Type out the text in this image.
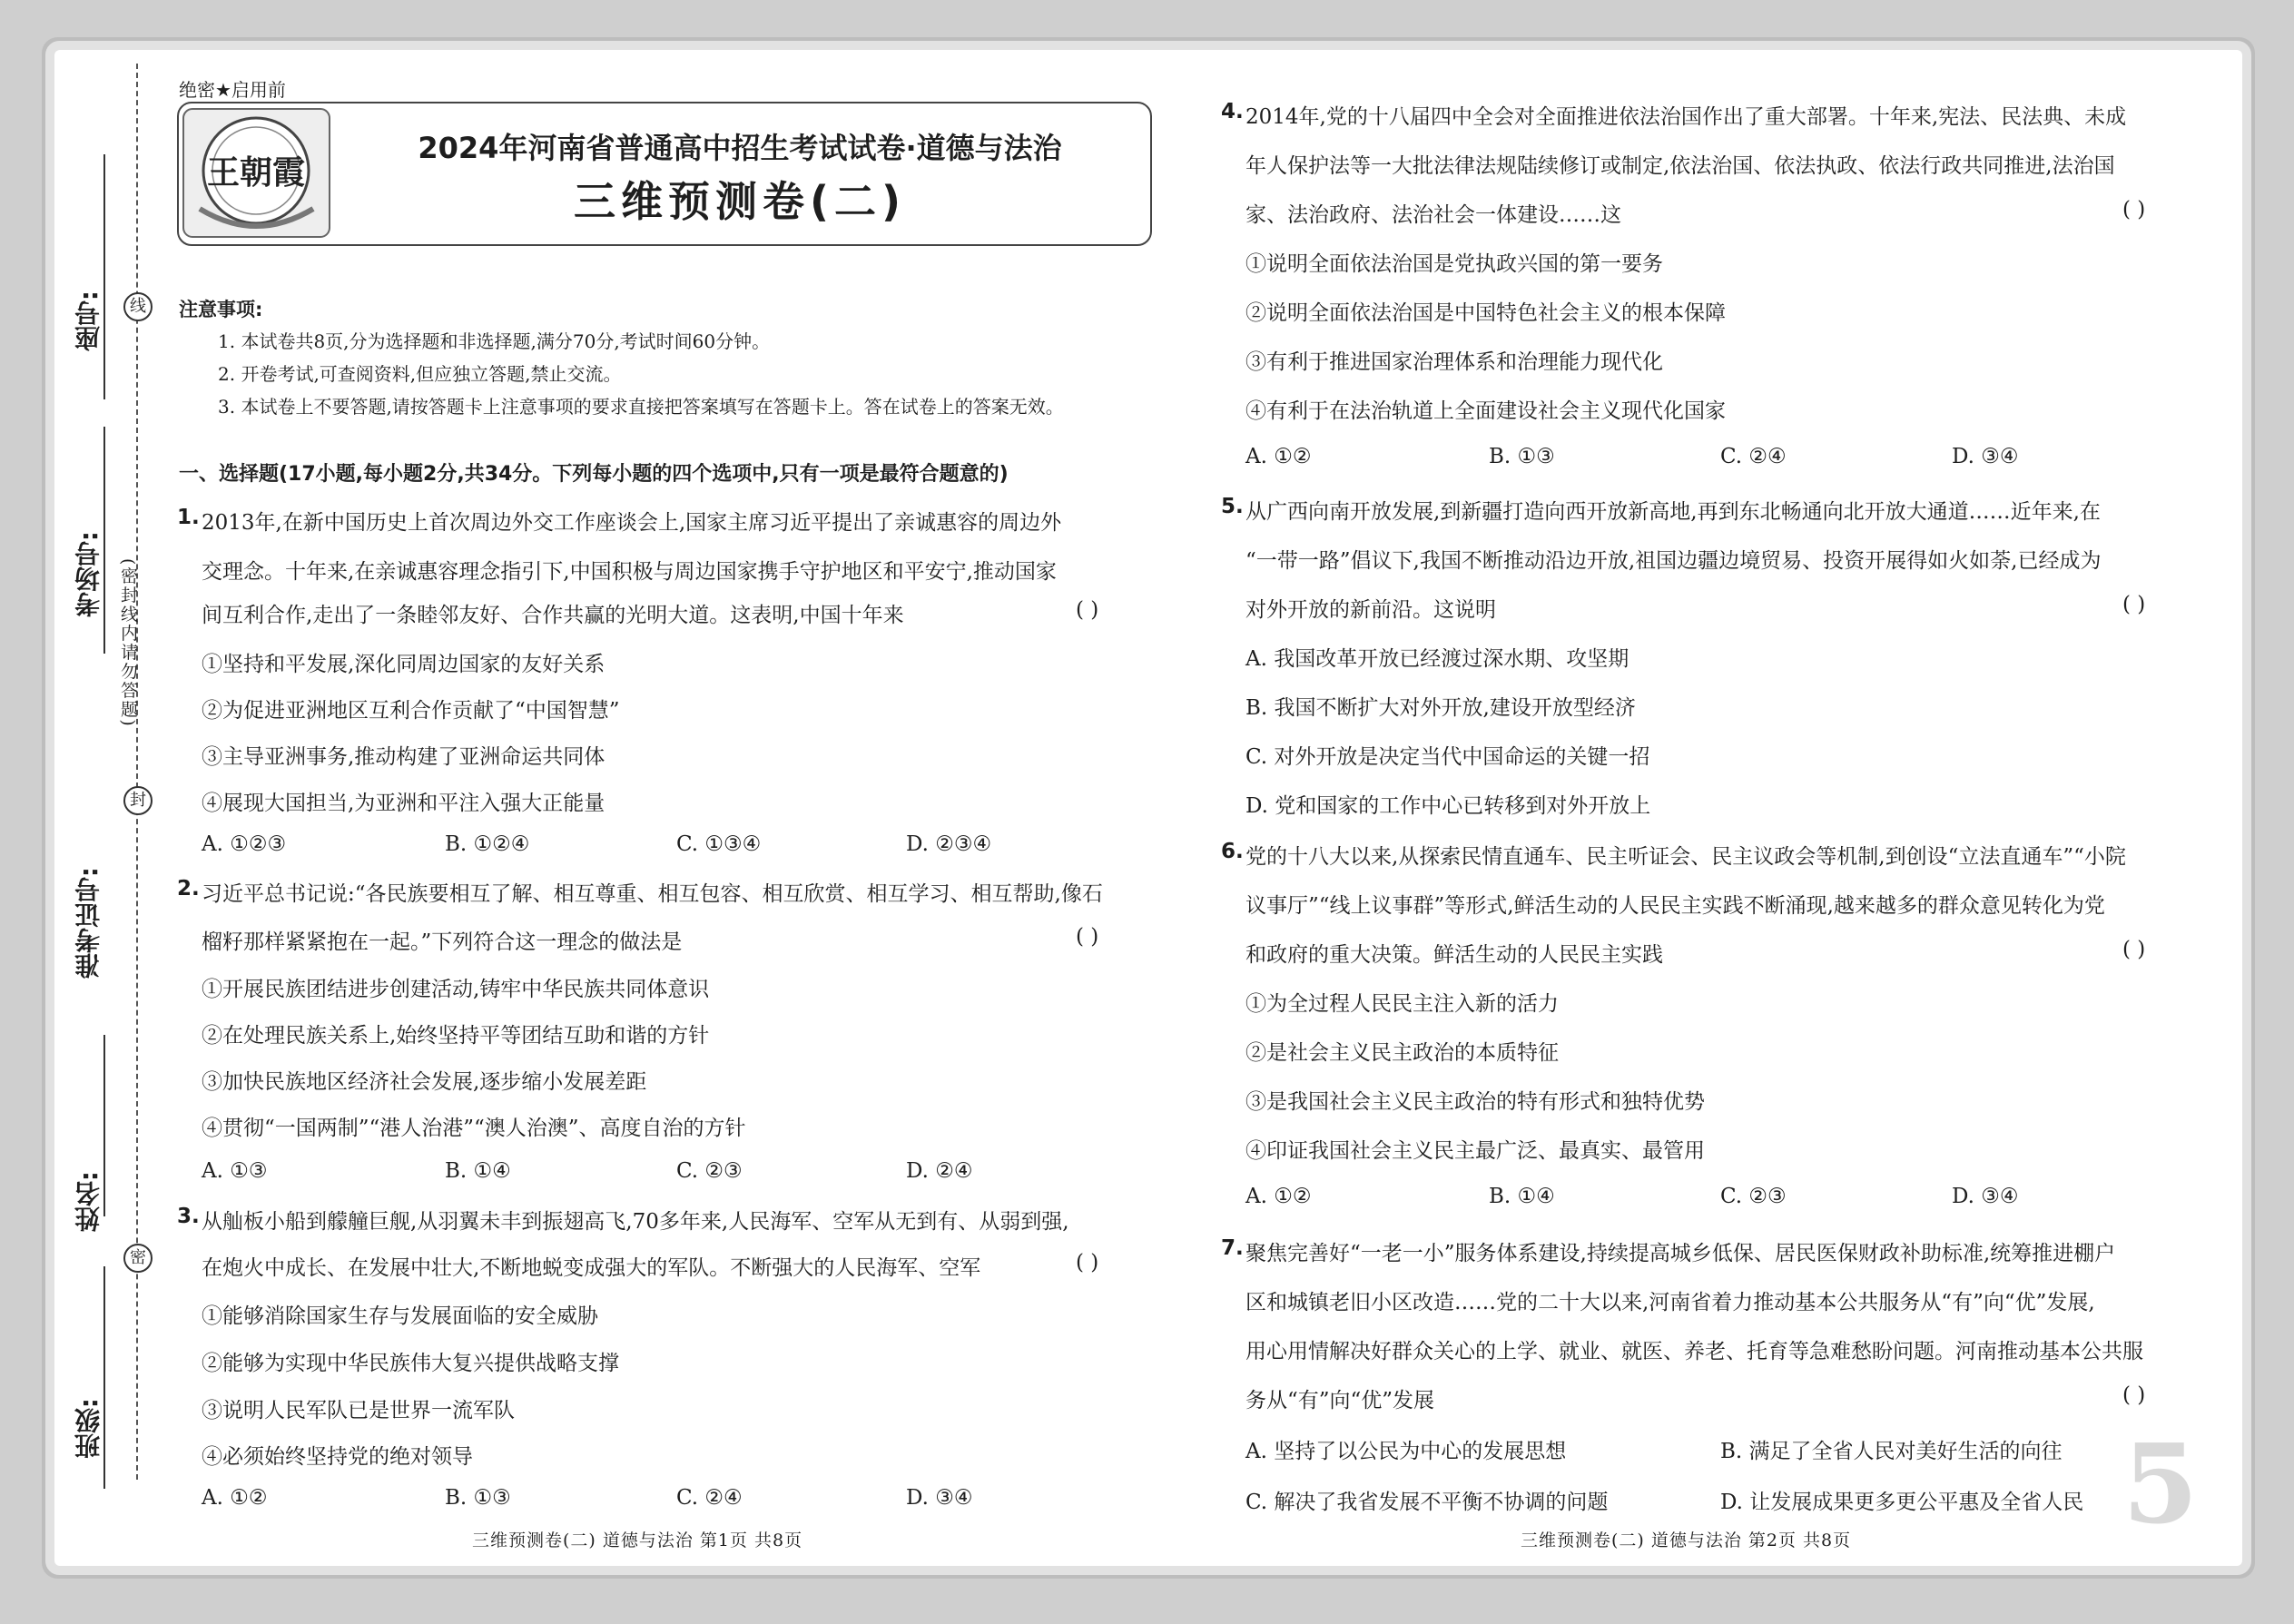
线
封
密
座号:
考场号:
准考证号:
姓名:
班级:
(密封线内请勿答题)
绝密★启用前
王朝霞
2024年河南省普通高中招生考试试卷·道德与法治
三维预测卷(二)
注意事项:
1. 本试卷共8页,分为选择题和非选择题,满分70分,考试时间60分钟。
2. 开卷考试,可查阅资料,但应独立答题,禁止交流。
3. 本试卷上不要答题,请按答题卡上注意事项的要求直接把答案填写在答题卡上。答在试卷上的答案无效。
一、选择题(17小题,每小题2分,共34分。下列每小题的四个选项中,只有一项是最符合题意的)
1. 2013年,在新中国历史上首次周边外交工作座谈会上,国家主席习近平提出了亲诚惠容的周边外
交理念。十年来,在亲诚惠容理念指引下,中国积极与周边国家携手守护地区和平安宁,推动国家
间互利合作,走出了一条睦邻友好、合作共赢的光明大道。这表明,中国十年来	( )
①坚持和平发展,深化同周边国家的友好关系
②为促进亚洲地区互利合作贡献了“中国智慧”
③主导亚洲事务,推动构建了亚洲命运共同体
④展现大国担当,为亚洲和平注入强大正能量
A. ①②③	B. ①②④	C. ①③④	D. ②③④
2. 习近平总书记说:“各民族要相互了解、相互尊重、相互包容、相互欣赏、相互学习、相互帮助,像石
榴籽那样紧紧抱在一起。”下列符合这一理念的做法是	( )
①开展民族团结进步创建活动,铸牢中华民族共同体意识
②在处理民族关系上,始终坚持平等团结互助和谐的方针
③加快民族地区经济社会发展,逐步缩小发展差距
④贯彻“一国两制”“港人治港”“澳人治澳”、高度自治的方针
A. ①③	B. ①④	C. ②③	D. ②④
3. 从舢板小船到艨艟巨舰,从羽翼未丰到振翅高飞,70多年来,人民海军、空军从无到有、从弱到强,
在炮火中成长、在发展中壮大,不断地蜕变成强大的军队。不断强大的人民海军、空军	( )
①能够消除国家生存与发展面临的安全威胁
②能够为实现中华民族伟大复兴提供战略支撑
③说明人民军队已是世界一流军队
④必须始终坚持党的绝对领导
A. ①②	B. ①③	C. ②④	D. ③④
4. 2014年,党的十八届四中全会对全面推进依法治国作出了重大部署。十年来,宪法、民法典、未成
年人保护法等一大批法律法规陆续修订或制定,依法治国、依法执政、依法行政共同推进,法治国
家、法治政府、法治社会一体建设……这	( )
①说明全面依法治国是党执政兴国的第一要务
②说明全面依法治国是中国特色社会主义的根本保障
③有利于推进国家治理体系和治理能力现代化
④有利于在法治轨道上全面建设社会主义现代化国家
A. ①②	B. ①③	C. ②④	D. ③④
5. 从广西向南开放发展,到新疆打造向西开放新高地,再到东北畅通向北开放大通道……近年来,在
“一带一路”倡议下,我国不断推动沿边开放,祖国边疆边境贸易、投资开展得如火如荼,已经成为
对外开放的新前沿。这说明	( )
A. 我国改革开放已经渡过深水期、攻坚期
B. 我国不断扩大对外开放,建设开放型经济
C. 对外开放是决定当代中国命运的关键一招
D. 党和国家的工作中心已转移到对外开放上
6. 党的十八大以来,从探索民情直通车、民主听证会、民主议政会等机制,到创设“立法直通车”“小院
议事厅”“线上议事群”等形式,鲜活生动的人民民主实践不断涌现,越来越多的群众意见转化为党
和政府的重大决策。鲜活生动的人民民主实践	( )
①为全过程人民民主注入新的活力
②是社会主义民主政治的本质特征
③是我国社会主义民主政治的特有形式和独特优势
④印证我国社会主义民主最广泛、最真实、最管用
A. ①②	B. ①④	C. ②③	D. ③④
7. 聚焦完善好“一老一小”服务体系建设,持续提高城乡低保、居民医保财政补助标准,统筹推进棚户
区和城镇老旧小区改造……党的二十大以来,河南省着力推动基本公共服务从“有”向“优”发展,
用心用情解决好群众关心的上学、就业、就医、养老、托育等急难愁盼问题。河南推动基本公共服
务从“有”向“优”发展	( )
A. 坚持了以公民为中心的发展思想	B. 满足了全省人民对美好生活的向往
C. 解决了我省发展不平衡不协调的问题	D. 让发展成果更多更公平惠及全省人民 5
三维预测卷(二) 道德与法治 第1页 共8页	三维预测卷(二) 道德与法治 第2页 共8页
